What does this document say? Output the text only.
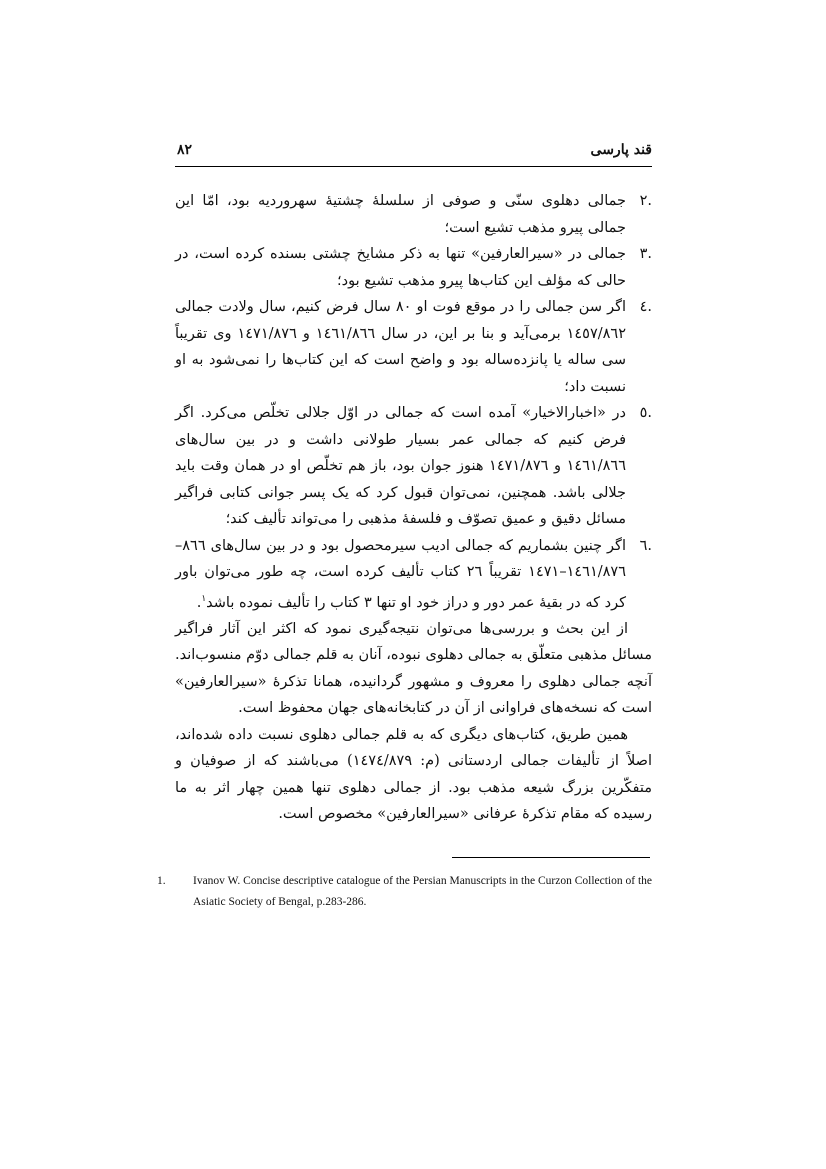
۸۲	قند پارسی
.۲
جمالی دهلوی سنّی و صوفی از سلسلهٔ چشتیهٔ سهروردیه بود، امّا این جمالی پیرو مذهب تشیع است؛
.۳
جمالی در «سیرالعارفین» تنها به ذکر مشایخ چشتی بسنده کرده است، در حالی که مؤلف این کتاب‌ها پیرو مذهب تشیع بود؛
.٤
اگر سن جمالی را در موقع فوت او ۸۰ سال فرض کنیم، سال ولادت جمالی ۱٤٥۷/۸٦۲ برمی‌آید و بنا بر این، در سال ۱٤٦۱/۸٦٦ و ۱٤۷۱/۸۷٦ وی تقریباً سی ساله یا پانزده‌ساله بود و واضح است که این کتاب‌ها را نمی‌شود به او نسبت داد؛
.٥
در «اخبارالاخیار» آمده است که جمالی در اوّل جلالی تخلّص می‌کرد. اگر فرض کنیم که جمالی عمر بسیار طولانی داشت و در بین سال‌های ۱٤٦۱/۸٦٦ و ۱٤۷۱/۸۷٦ هنوز جوان بود، باز هم تخلّص او در همان وقت باید جلالی باشد. همچنین، نمی‌توان قبول کرد که یک پسر جوانی کتابی فراگیر مسائل دقیق و عمیق تصوّف و فلسفهٔ مذهبی را می‌تواند تألیف کند؛
.٦
اگر چنین بشماریم که جمالی ادیب سیرمحصول بود و در بین سال‌های ۸٦٦–۱٤٦۱/۸۷٦–۱٤۷۱ تقریباً ۲٦ کتاب تألیف کرده است، چه طور می‌توان باور کرد که در بقیهٔ عمر دور و دراز خود او تنها ۳ کتاب را تألیف نموده باشد$^۱$.

از این بحث و بررسی‌ها می‌توان نتیجه‌گیری نمود که اکثر این آثار فراگیر مسائل مذهبی متعلّق به جمالی دهلوی نبوده، آنان به قلم جمالی دوّم منسوب‌اند. آنچه جمالی دهلوی را معروف و مشهور گردانیده، همانا تذکرهٔ «سیرالعارفین» است که نسخه‌های فراوانی از آن در کتابخانه‌های جهان محفوظ است.

همین طریق، کتاب‌های دیگری که به قلم جمالی دهلوی نسبت داده شده‌اند، اصلاً از تألیفات جمالی اردستانی (م: ۱٤۷٤/۸۷۹) می‌باشند که از صوفیان و متفکّرین بزرگ شیعه مذهب بود. از جمالی دهلوی تنها همین چهار اثر به ما رسیده که مقام تذکرهٔ عرفانی «سیرالعارفین» مخصوص است.

1. Ivanov W. Concise descriptive catalogue of the Persian Manuscripts in the Curzon Collection of the Asiatic Society of Bengal, p.283-286.
